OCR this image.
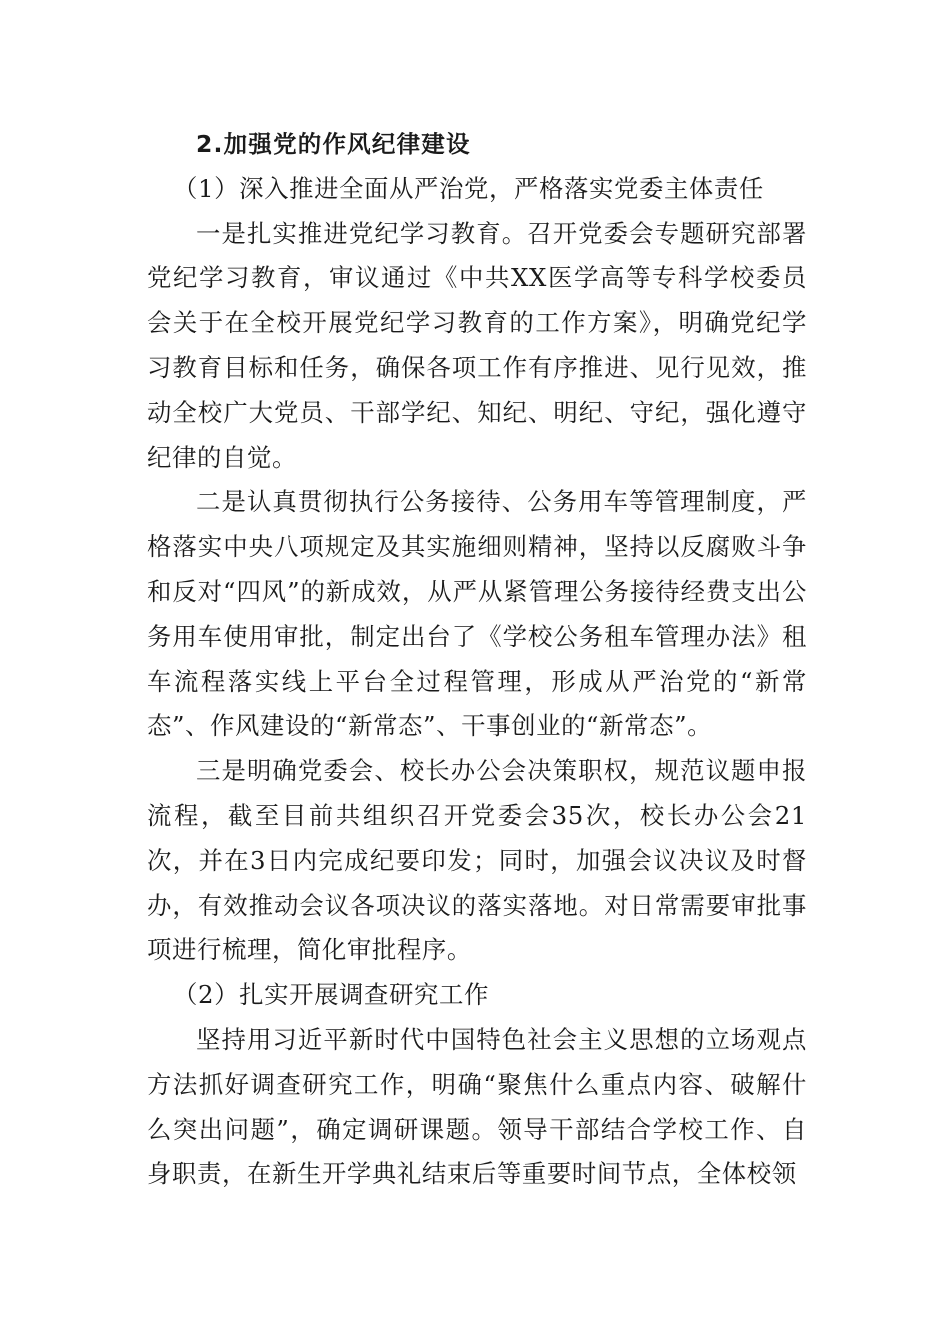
2.加强党的作风纪律建设

（1）深入推进全面从严治党，严格落实党委主体责任

一是扎实推进党纪学习教育。召开党委会专题研究部署党纪学习教育，审议通过《中共XX医学高等专科学校委员会关于在全校开展党纪学习教育的工作方案》，明确党纪学习教育目标和任务，确保各项工作有序推进、见行见效，推动全校广大党员、干部学纪、知纪、明纪、守纪，强化遵守纪律的自觉。

二是认真贯彻执行公务接待、公务用车等管理制度，严格落实中央八项规定及其实施细则精神，坚持以反腐败斗争和反对“四风”的新成效，从严从紧管理公务接待经费支出公务用车使用审批，制定出台了《学校公务租车管理办法》租车流程落实线上平台全过程管理，形成从严治党的“新常态”、作风建设的“新常态”、干事创业的“新常态”。

三是明确党委会、校长办公会决策职权，规范议题申报流程，截至目前共组织召开党委会35次，校长办公会21次，并在3日内完成纪要印发；同时，加强会议决议及时督办，有效推动会议各项决议的落实落地。对日常需要审批事项进行梳理，简化审批程序。

（2）扎实开展调查研究工作

坚持用习近平新时代中国特色社会主义思想的立场观点方法抓好调查研究工作，明确“聚焦什么重点内容、破解什么突出问题”，确定调研课题。领导干部结合学校工作、自身职责，在新生开学典礼结束后等重要时间节点，全体校领
